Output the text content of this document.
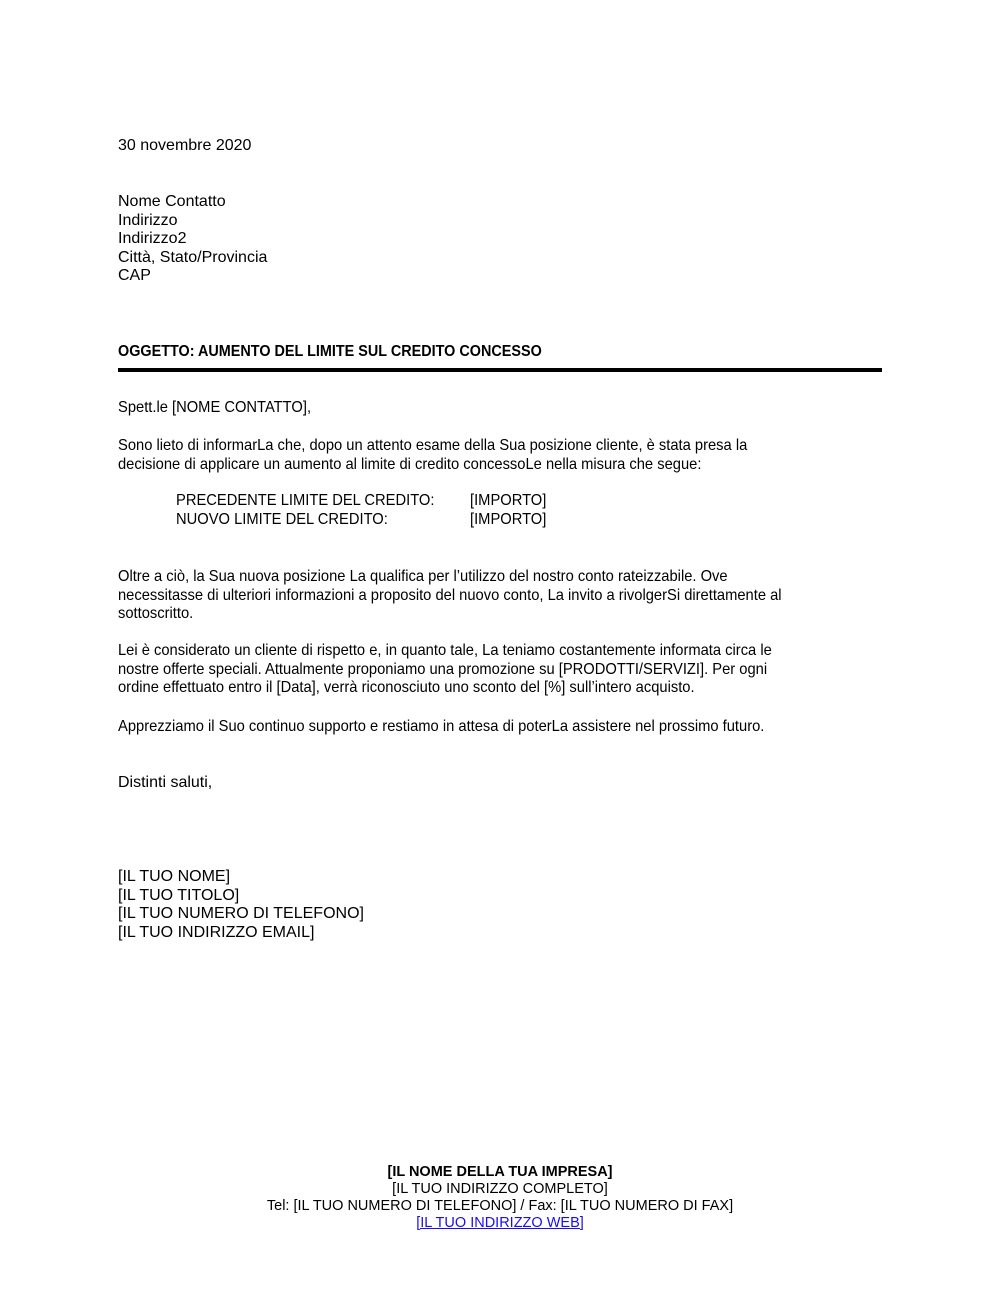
30 novembre 2020
Nome Contatto
Indirizzo
Indirizzo2
Città, Stato/Provincia
CAP
OGGETTO: AUMENTO DEL LIMITE SUL CREDITO CONCESSO
Spett.le [NOME CONTATTO],
Sono lieto di informarLa che, dopo un attento esame della Sua posizione cliente, è stata presa la
decisione di applicare un aumento al limite di credito concessoLe nella misura che segue:
PRECEDENTE LIMITE DEL CREDITO:	[IMPORTO]
NUOVO LIMITE DEL CREDITO:	[IMPORTO]
Oltre a ciò, la Sua nuova posizione La qualifica per l’utilizzo del nostro conto rateizzabile. Ove
necessitasse di ulteriori informazioni a proposito del nuovo conto, La invito a rivolgerSi direttamente al
sottoscritto.
Lei è considerato un cliente di rispetto e, in quanto tale, La teniamo costantemente informata circa le
nostre offerte speciali. Attualmente proponiamo una promozione su [PRODOTTI/SERVIZI]. Per ogni
ordine effettuato entro il [Data], verrà riconosciuto uno sconto del [%] sull’intero acquisto.
Apprezziamo il Suo continuo supporto e restiamo in attesa di poterLa assistere nel prossimo futuro.
Distinti saluti,
[IL TUO NOME]
[IL TUO TITOLO]
[IL TUO NUMERO DI TELEFONO]
[IL TUO INDIRIZZO EMAIL]
[IL NOME DELLA TUA IMPRESA]
[IL TUO INDIRIZZO COMPLETO]
Tel: [IL TUO NUMERO DI TELEFONO] / Fax: [IL TUO NUMERO DI FAX]
[IL TUO INDIRIZZO WEB]
